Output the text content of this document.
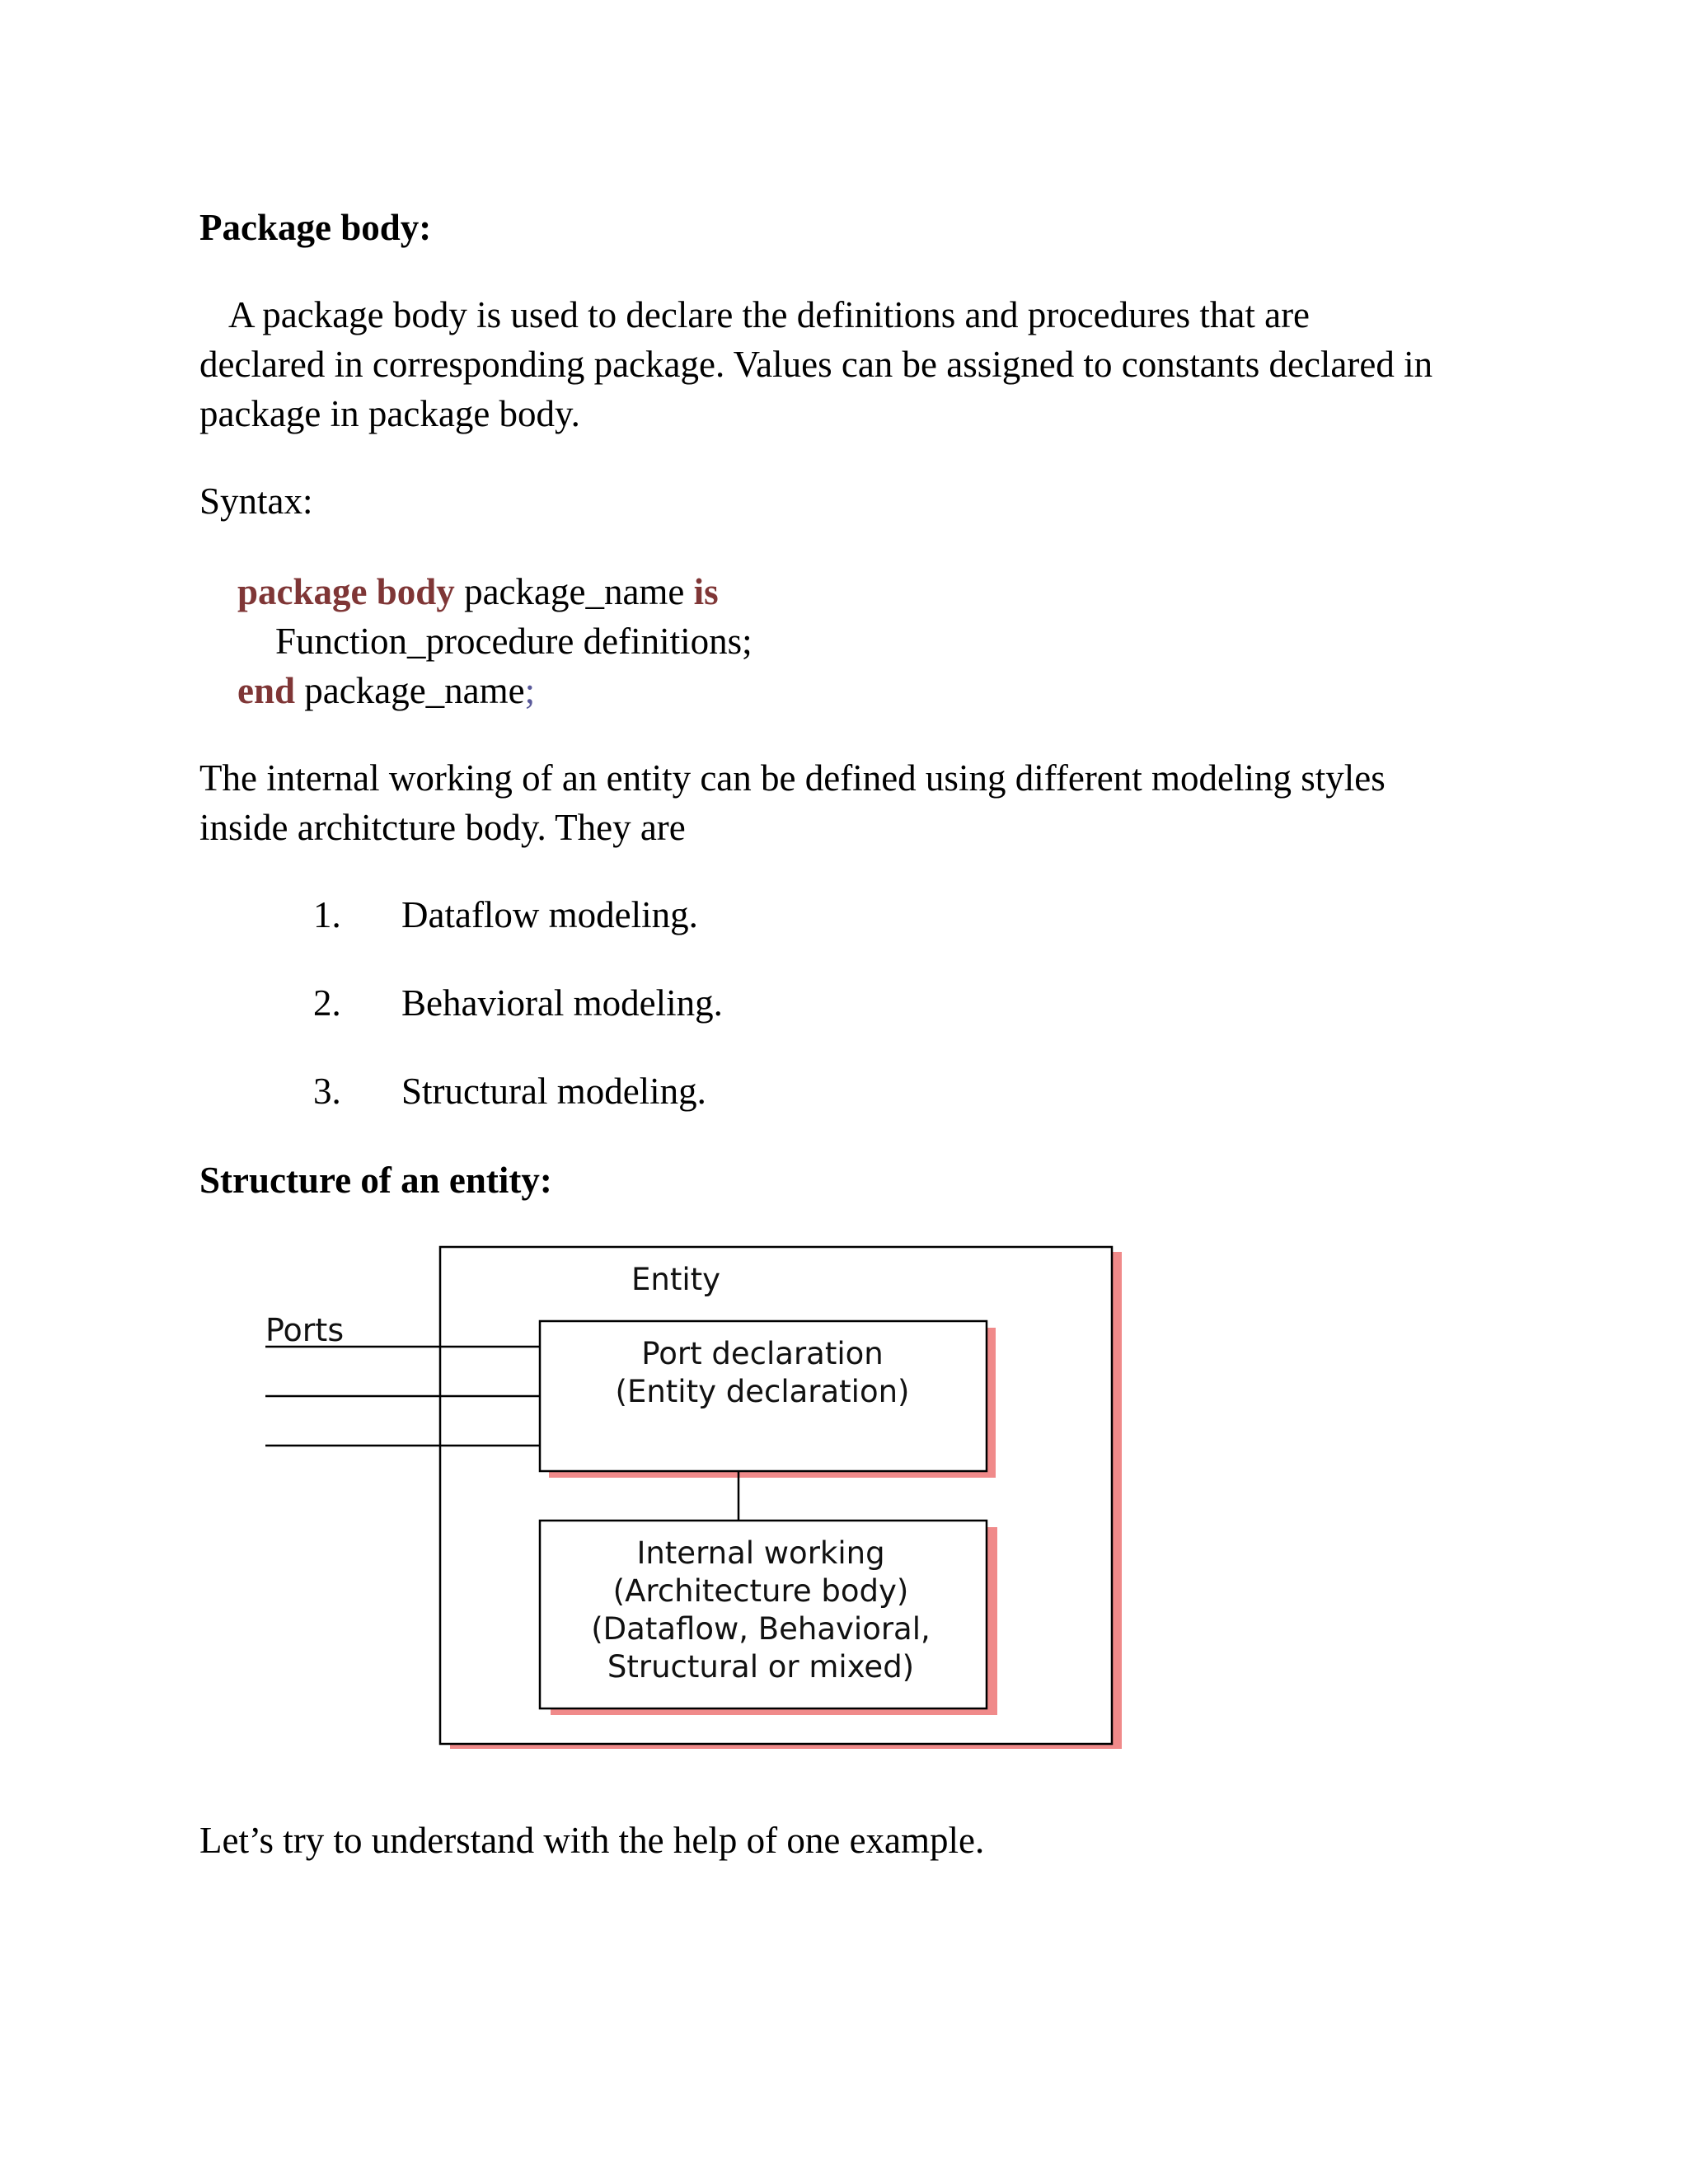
Package body:

A package body is used to declare the definitions and procedures that are

declared in corresponding package. Values can be assigned to constants declared in

package in package body.

Syntax:

package body package_name is

Function_procedure definitions;

end package_name;

The internal working of an entity can be defined using different modeling styles

inside architcture body. They are

1. Dataflow modeling.

2. Behavioral modeling.

3. Structural modeling.

Structure of an entity:

Entity
Ports
Port declaration
(Entity declaration)
Internal working
(Architecture body)
(Dataflow, Behavioral,
Structural or mixed)

Let’s try to understand with the help of one example.
